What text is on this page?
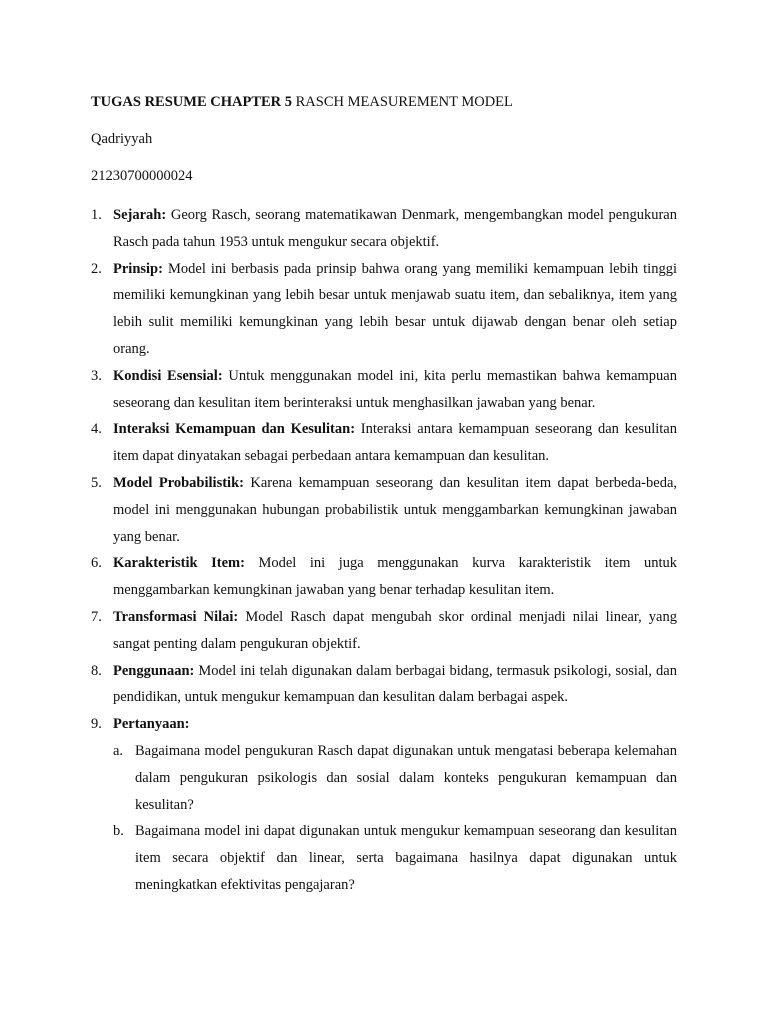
TUGAS RESUME CHAPTER 5 RASCH MEASUREMENT MODEL

Qadriyyah

21230700000024

1. Sejarah: Georg Rasch, seorang matematikawan Denmark, mengembangkan model pengukuran Rasch pada tahun 1953 untuk mengukur secara objektif.
2. Prinsip: Model ini berbasis pada prinsip bahwa orang yang memiliki kemampuan lebih tinggi memiliki kemungkinan yang lebih besar untuk menjawab suatu item, dan sebaliknya, item yang lebih sulit memiliki kemungkinan yang lebih besar untuk dijawab dengan benar oleh setiap orang.
3. Kondisi Esensial: Untuk menggunakan model ini, kita perlu memastikan bahwa kemampuan seseorang dan kesulitan item berinteraksi untuk menghasilkan jawaban yang benar.
4. Interaksi Kemampuan dan Kesulitan: Interaksi antara kemampuan seseorang dan kesulitan item dapat dinyatakan sebagai perbedaan antara kemampuan dan kesulitan.
5. Model Probabilistik: Karena kemampuan seseorang dan kesulitan item dapat berbeda-beda, model ini menggunakan hubungan probabilistik untuk menggambarkan kemungkinan jawaban yang benar.
6. Karakteristik Item: Model ini juga menggunakan kurva karakteristik item untuk menggambarkan kemungkinan jawaban yang benar terhadap kesulitan item.
7. Transformasi Nilai: Model Rasch dapat mengubah skor ordinal menjadi nilai linear, yang sangat penting dalam pengukuran objektif.
8. Penggunaan: Model ini telah digunakan dalam berbagai bidang, termasuk psikologi, sosial, dan pendidikan, untuk mengukur kemampuan dan kesulitan dalam berbagai aspek.
9. Pertanyaan:
a. Bagaimana model pengukuran Rasch dapat digunakan untuk mengatasi beberapa kelemahan dalam pengukuran psikologis dan sosial dalam konteks pengukuran kemampuan dan kesulitan?
b. Bagaimana model ini dapat digunakan untuk mengukur kemampuan seseorang dan kesulitan item secara objektif dan linear, serta bagaimana hasilnya dapat digunakan untuk meningkatkan efektivitas pengajaran?
